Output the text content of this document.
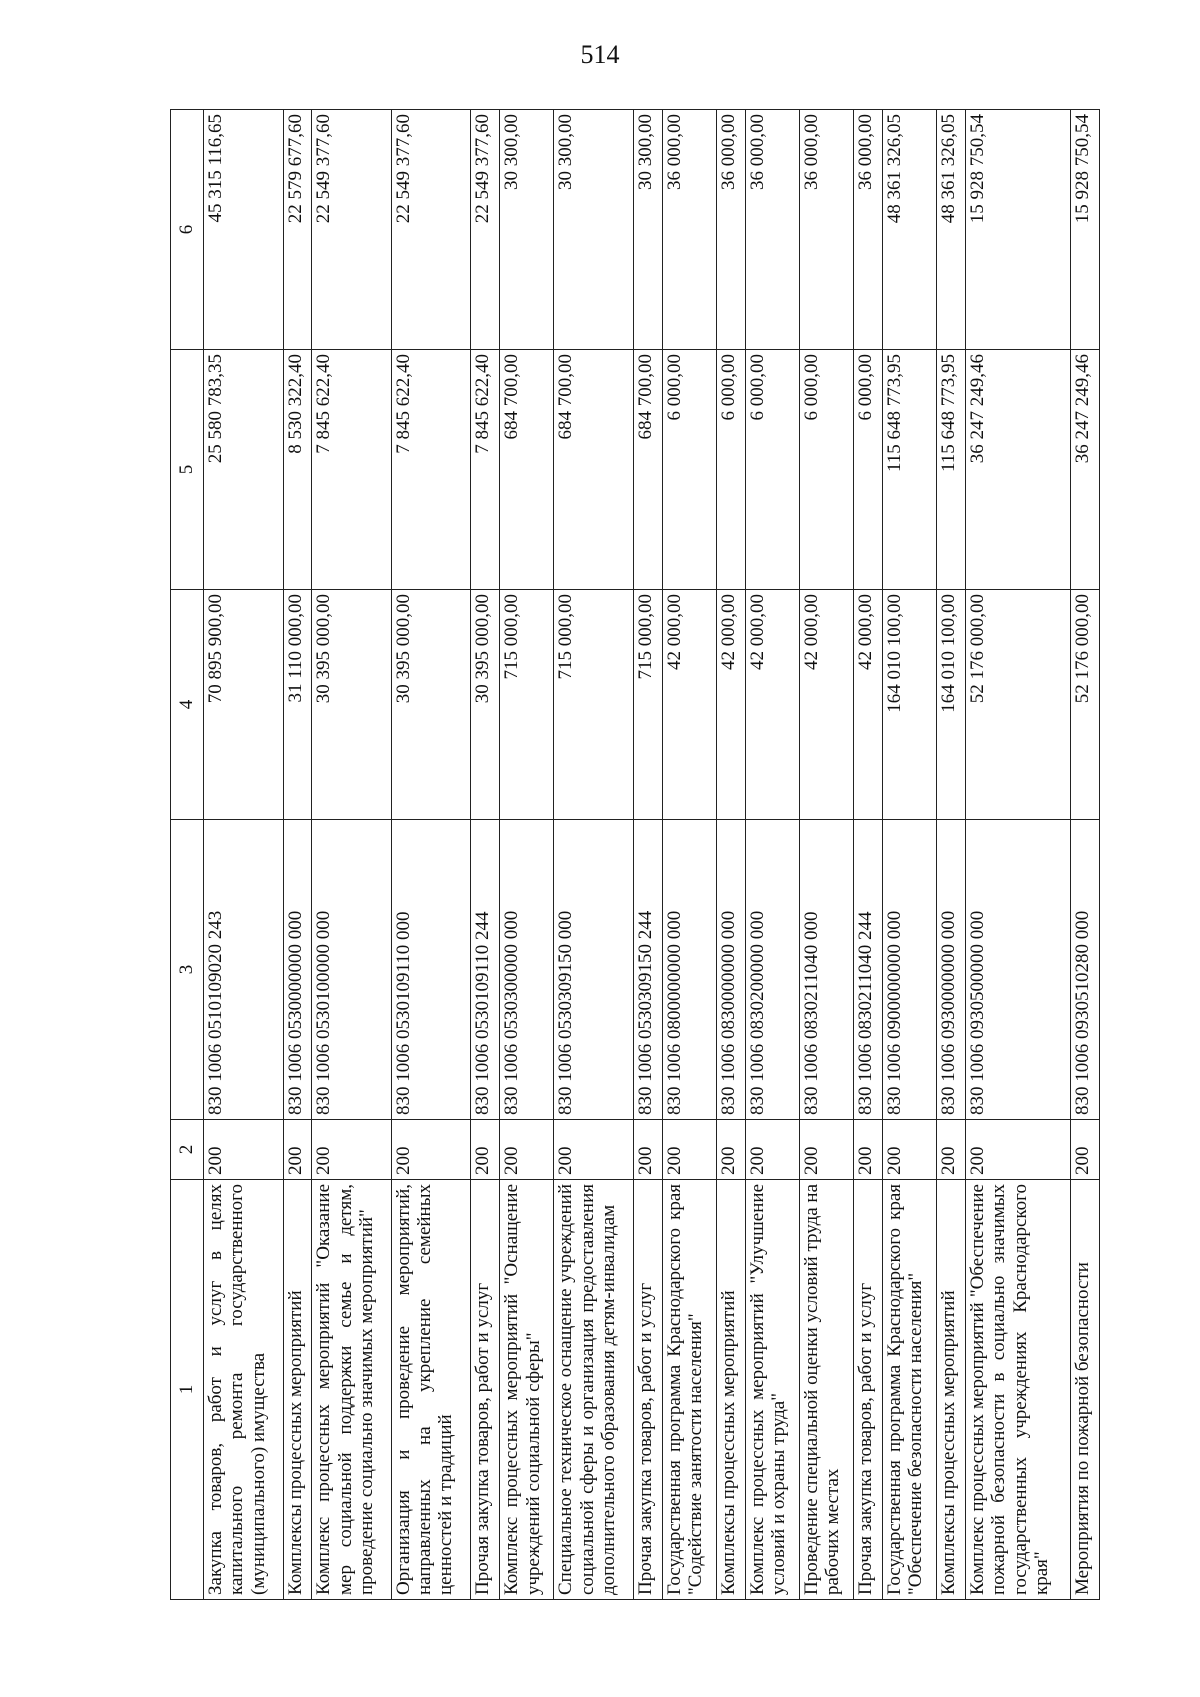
514
1	2	3	4	5	6
Закупка товаров, работ и услуг в целях капитального ремонта государственного (муниципального) имущества	200	830 1006 0510109020 243	70 895 900,00	25 580 783,35	45 315 116,65
Комплексы процессных мероприятий	200	830 1006 0530000000 000	31 110 000,00	8 530 322,40	22 579 677,60
Комплекс процессных мероприятий "Оказание мер социальной поддержки семье и детям, проведение социально значимых мероприятий"	200	830 1006 0530100000 000	30 395 000,00	7 845 622,40	22 549 377,60
Организация и проведение мероприятий, направленных на укрепление семейных ценностей и традиций	200	830 1006 0530109110 000	30 395 000,00	7 845 622,40	22 549 377,60
Прочая закупка товаров, работ и услуг	200	830 1006 0530109110 244	30 395 000,00	7 845 622,40	22 549 377,60
Комплекс процессных мероприятий "Оснащение учреждений социальной сферы"	200	830 1006 0530300000 000	715 000,00	684 700,00	30 300,00
Специальное техническое оснащение учреждений социальной сферы и организация предоставления дополнительного образования детям-инвалидам	200	830 1006 0530309150 000	715 000,00	684 700,00	30 300,00
Прочая закупка товаров, работ и услуг	200	830 1006 0530309150 244	715 000,00	684 700,00	30 300,00
Государственная программа Краснодарского края "Содействие занятости населения"	200	830 1006 0800000000 000	42 000,00	6 000,00	36 000,00
Комплексы процессных мероприятий	200	830 1006 0830000000 000	42 000,00	6 000,00	36 000,00
Комплекс процессных мероприятий "Улучшение условий и охраны труда"	200	830 1006 0830200000 000	42 000,00	6 000,00	36 000,00
Проведение специальной оценки условий труда на рабочих местах	200	830 1006 0830211040 000	42 000,00	6 000,00	36 000,00
Прочая закупка товаров, работ и услуг	200	830 1006 0830211040 244	42 000,00	6 000,00	36 000,00
Государственная программа Краснодарского края "Обеспечение безопасности населения"	200	830 1006 0900000000 000	164 010 100,00	115 648 773,95	48 361 326,05
Комплексы процессных мероприятий	200	830 1006 0930000000 000	164 010 100,00	115 648 773,95	48 361 326,05
Комплекс процессных мероприятий "Обеспечение пожарной безопасности в социально значимых государственных учреждениях Краснодарского края"	200	830 1006 0930500000 000	52 176 000,00	36 247 249,46	15 928 750,54
Мероприятия по пожарной безопасности	200	830 1006 0930510280 000	52 176 000,00	36 247 249,46	15 928 750,54
